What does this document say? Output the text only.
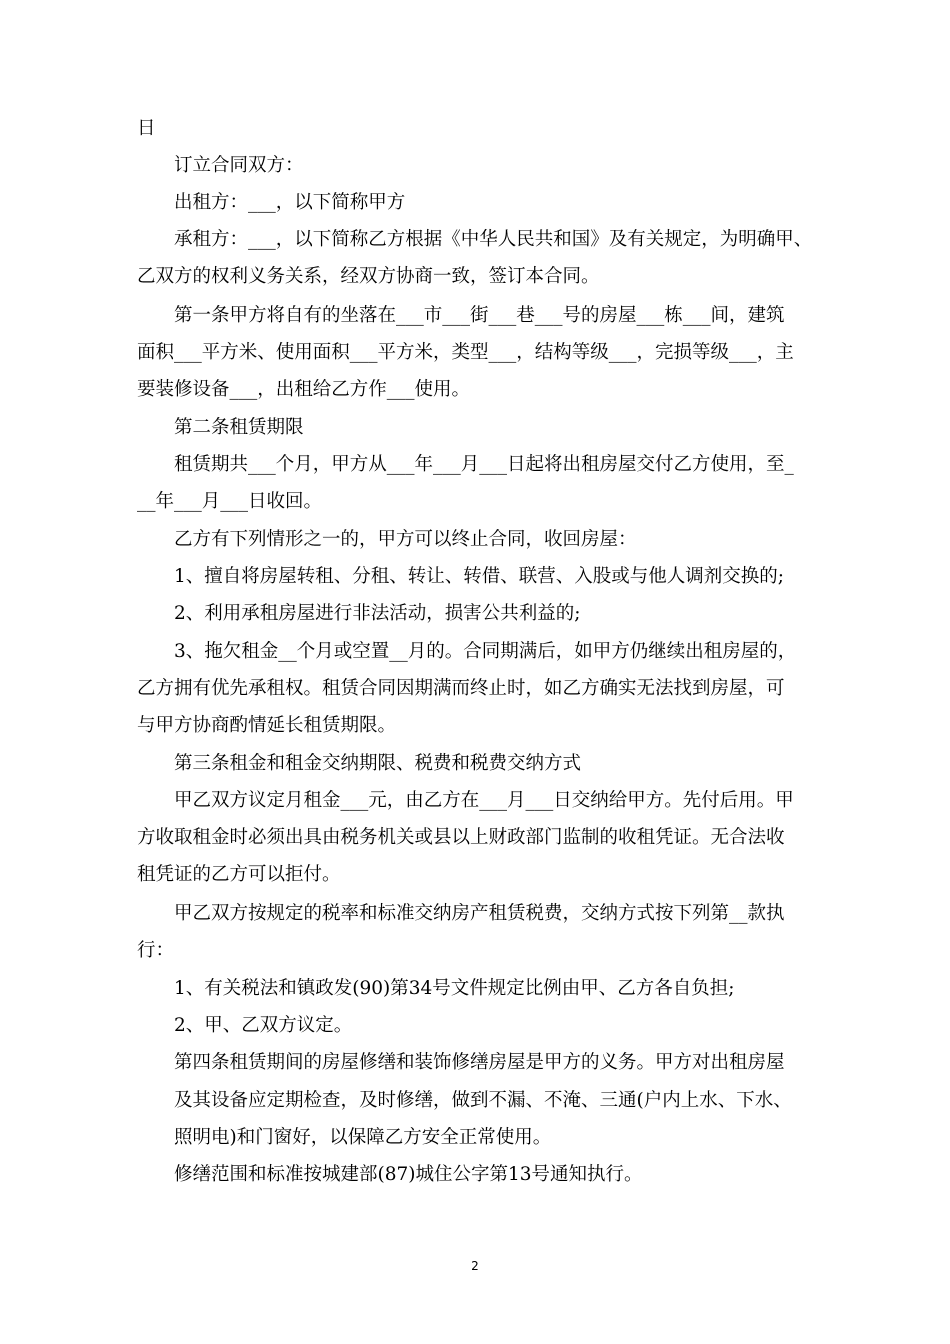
日

订立合同双方：

出租方：___，以下简称甲方

承租方：___，以下简称乙方根据《中华人民共和国》及有关规定，为明确甲、

乙双方的权利义务关系，经双方协商一致，签订本合同。

第一条甲方将自有的坐落在___市___街___巷___号的房屋___栋___间，建筑

面积___平方米、使用面积___平方米，类型___，结构等级___，完损等级___，主

要装修设备___，出租给乙方作___使用。

第二条租赁期限

租赁期共___个月，甲方从___年___月___日起将出租房屋交付乙方使用，至_

__年___月___日收回。

乙方有下列情形之一的，甲方可以终止合同，收回房屋：

1、擅自将房屋转租、分租、转让、转借、联营、入股或与他人调剂交换的;

2、利用承租房屋进行非法活动，损害公共利益的;

3、拖欠租金__个月或空置__月的。合同期满后，如甲方仍继续出租房屋的，

乙方拥有优先承租权。租赁合同因期满而终止时，如乙方确实无法找到房屋，可

与甲方协商酌情延长租赁期限。

第三条租金和租金交纳期限、税费和税费交纳方式

甲乙双方议定月租金___元，由乙方在___月___日交纳给甲方。先付后用。甲

方收取租金时必须出具由税务机关或县以上财政部门监制的收租凭证。无合法收

租凭证的乙方可以拒付。

甲乙双方按规定的税率和标准交纳房产租赁税费，交纳方式按下列第__款执

行：

1、有关税法和镇政发(90)第34号文件规定比例由甲、乙方各自负担;

2、甲、乙双方议定。

第四条租赁期间的房屋修缮和装饰修缮房屋是甲方的义务。甲方对出租房屋

及其设备应定期检查，及时修缮，做到不漏、不淹、三通(户内上水、下水、

照明电)和门窗好，以保障乙方安全正常使用。

修缮范围和标准按城建部(87)城住公字第13号通知执行。

2
